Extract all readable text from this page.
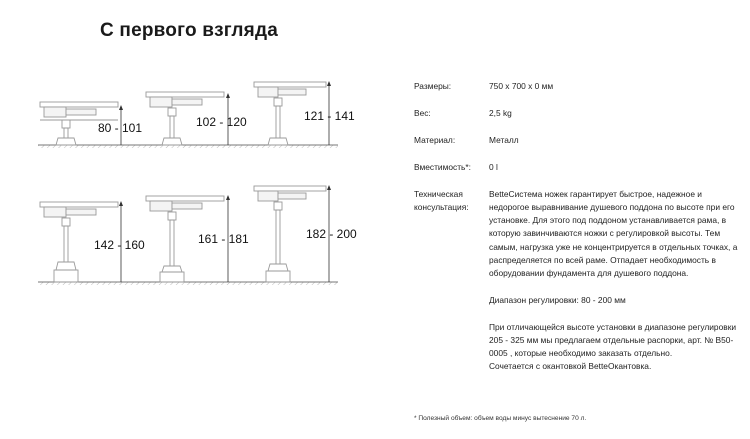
С первого взгляда
80 - 101	102 - 120	121 - 141
142 - 160	161 - 181	182 - 200
Размеры:	750 x 700 x 0 мм
Вес:	2,5 kg
Материал:	Металл
Вместимость*:	0 l
Техническая
консультация:

BetteСистема ножек гарантирует быстрое, надежное и недорогое выравнивание душевого поддона по высоте при его установке. Для этого под поддоном устанавливается рама, в которую завинчиваются ножки с регулировкой высоты. Тем самым, нагрузка уже не концентрируется в отдельных точках, а распределяется по всей раме. Отпадает необходимость в оборудовании фундамента для душевого поддона.

Диапазон регулировки: 80 - 200 мм

При отличающейся высоте установки в диапазоне регулировки 205 - 325 мм мы предлагаем отдельные распорки, арт. № B50-0005 , которые необходимо заказать отдельно.

Сочетается с окантовкой BetteОкантовка.

* Полезный объем: объем воды минус вытеснение 70 л.
